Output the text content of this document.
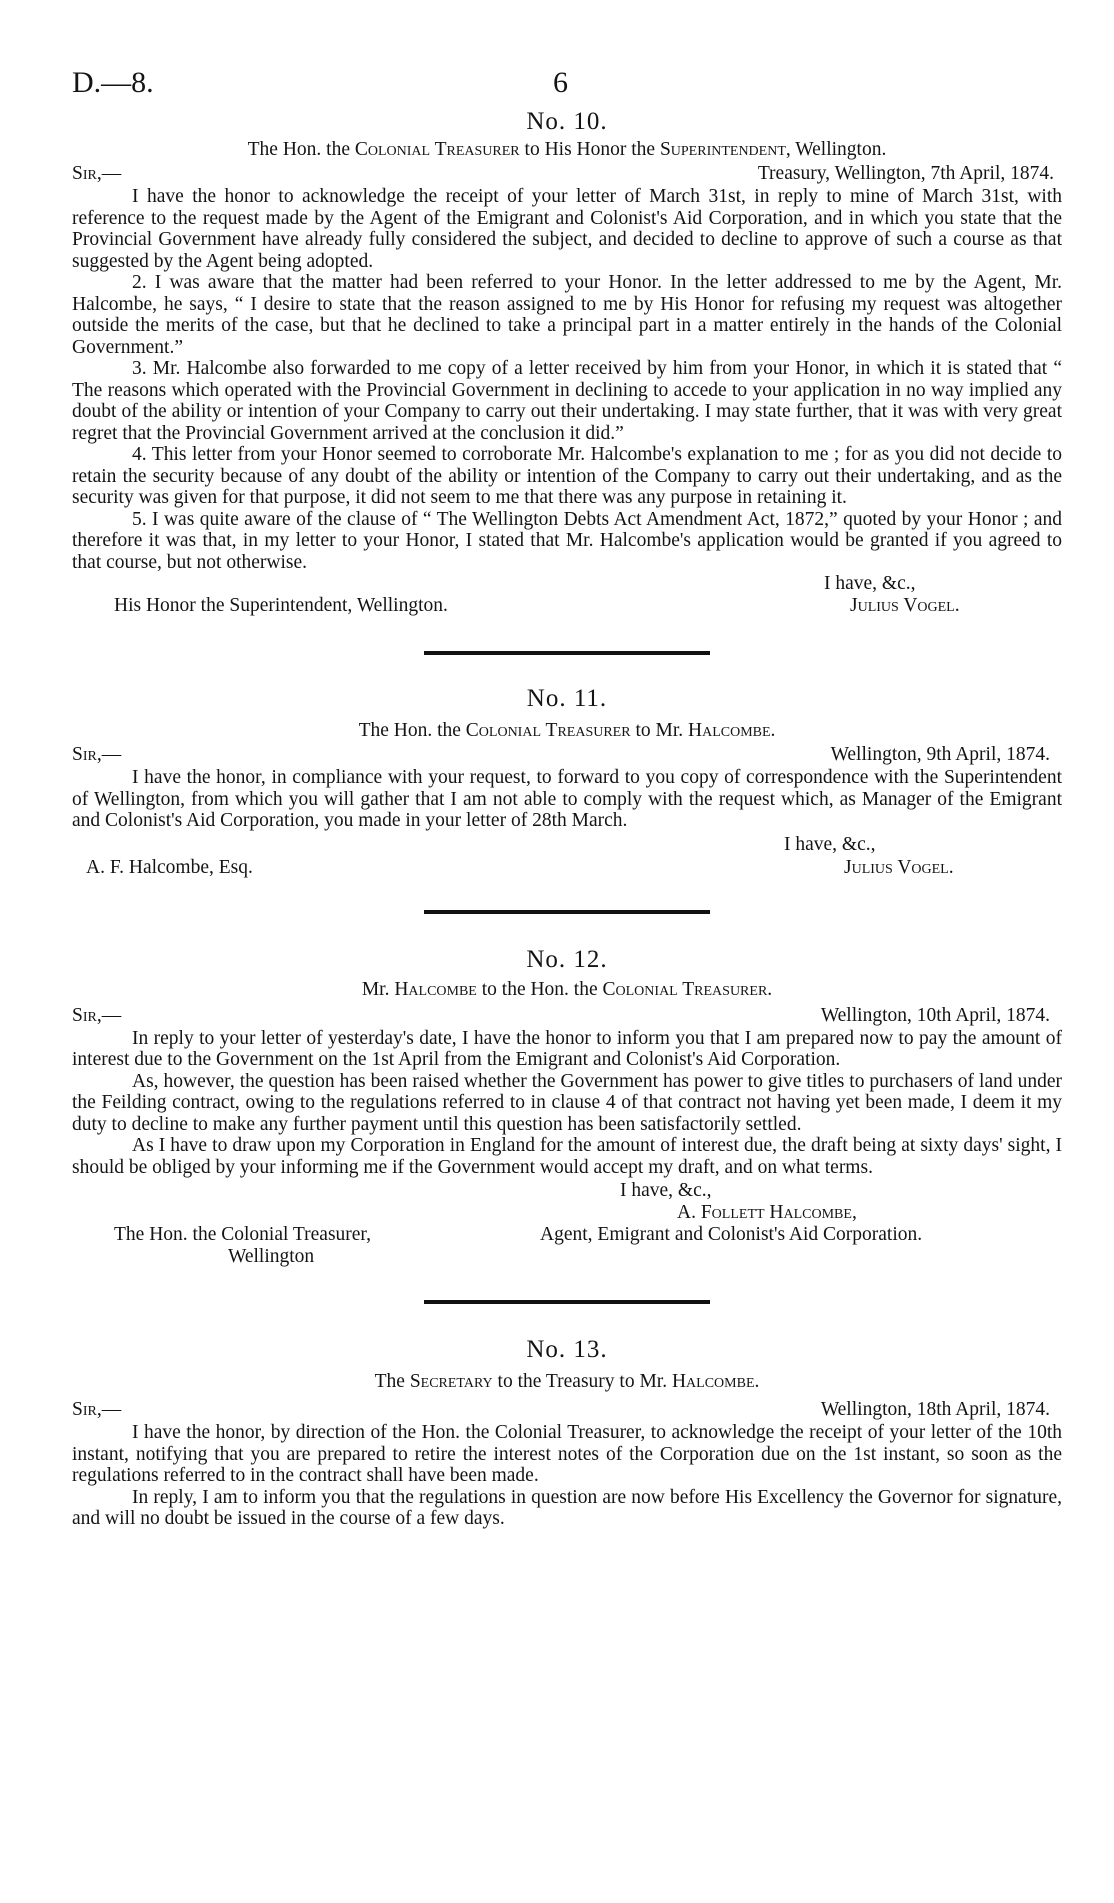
D.—8.	6
No. 10.
The Hon. the Colonial Treasurer to His Honor the Superintendent, Wellington.
Sir,—	Treasury, Wellington, 7th April, 1874.

I have the honor to acknowledge the receipt of your letter of March 31st, in reply to mine of March 31st, with reference to the request made by the Agent of the Emigrant and Colonist's Aid Corporation, and in which you state that the Provincial Government have already fully considered the subject, and decided to decline to approve of such a course as that suggested by the Agent being adopted.

2. I was aware that the matter had been referred to your Honor. In the letter addressed to me by the Agent, Mr. Halcombe, he says, “ I desire to state that the reason assigned to me by His Honor for refusing my request was altogether outside the merits of the case, but that he declined to take a principal part in a matter entirely in the hands of the Colonial Government.”

3. Mr. Halcombe also forwarded to me copy of a letter received by him from your Honor, in which it is stated that “ The reasons which operated with the Provincial Government in declining to accede to your application in no way implied any doubt of the ability or intention of your Company to carry out their undertaking. I may state further, that it was with very great regret that the Provincial Government arrived at the conclusion it did.”

4. This letter from your Honor seemed to corroborate Mr. Halcombe's explanation to me ; for as you did not decide to retain the security because of any doubt of the ability or intention of the Company to carry out their undertaking, and as the security was given for that purpose, it did not seem to me that there was any purpose in retaining it.

5. I was quite aware of the clause of “ The Wellington Debts Act Amendment Act, 1872,” quoted by your Honor ; and therefore it was that, in my letter to your Honor, I stated that Mr. Halcombe's application would be granted if you agreed to that course, but not otherwise.

I have, &c.,
His Honor the Superintendent, Wellington.	Julius Vogel.
No. 11.
The Hon. the Colonial Treasurer to Mr. Halcombe.
Sir,—	Wellington, 9th April, 1874.

I have the honor, in compliance with your request, to forward to you copy of correspondence with the Superintendent of Wellington, from which you will gather that I am not able to comply with the request which, as Manager of the Emigrant and Colonist's Aid Corporation, you made in your letter of 28th March.

I have, &c.,
A. F. Halcombe, Esq.	Julius Vogel.
No. 12.
Mr. Halcombe to the Hon. the Colonial Treasurer.
Sir,—	Wellington, 10th April, 1874.

In reply to your letter of yesterday's date, I have the honor to inform you that I am prepared now to pay the amount of interest due to the Government on the 1st April from the Emigrant and Colonist's Aid Corporation.

As, however, the question has been raised whether the Government has power to give titles to purchasers of land under the Feilding contract, owing to the regulations referred to in clause 4 of that contract not having yet been made, I deem it my duty to decline to make any further payment until this question has been satisfactorily settled.

As I have to draw upon my Corporation in England for the amount of interest due, the draft being at sixty days' sight, I should be obliged by your informing me if the Government would accept my draft, and on what terms.

I have, &c.,
A. Follett Halcombe,
The Hon. the Colonial Treasurer,	Agent, Emigrant and Colonist's Aid Corporation.
Wellington
No. 13.
The Secretary to the Treasury to Mr. Halcombe.
Sir,—	Wellington, 18th April, 1874.

I have the honor, by direction of the Hon. the Colonial Treasurer, to acknowledge the receipt of your letter of the 10th instant, notifying that you are prepared to retire the interest notes of the Corporation due on the 1st instant, so soon as the regulations referred to in the contract shall have been made.

In reply, I am to inform you that the regulations in question are now before His Excellency the Governor for signature, and will no doubt be issued in the course of a few days.
